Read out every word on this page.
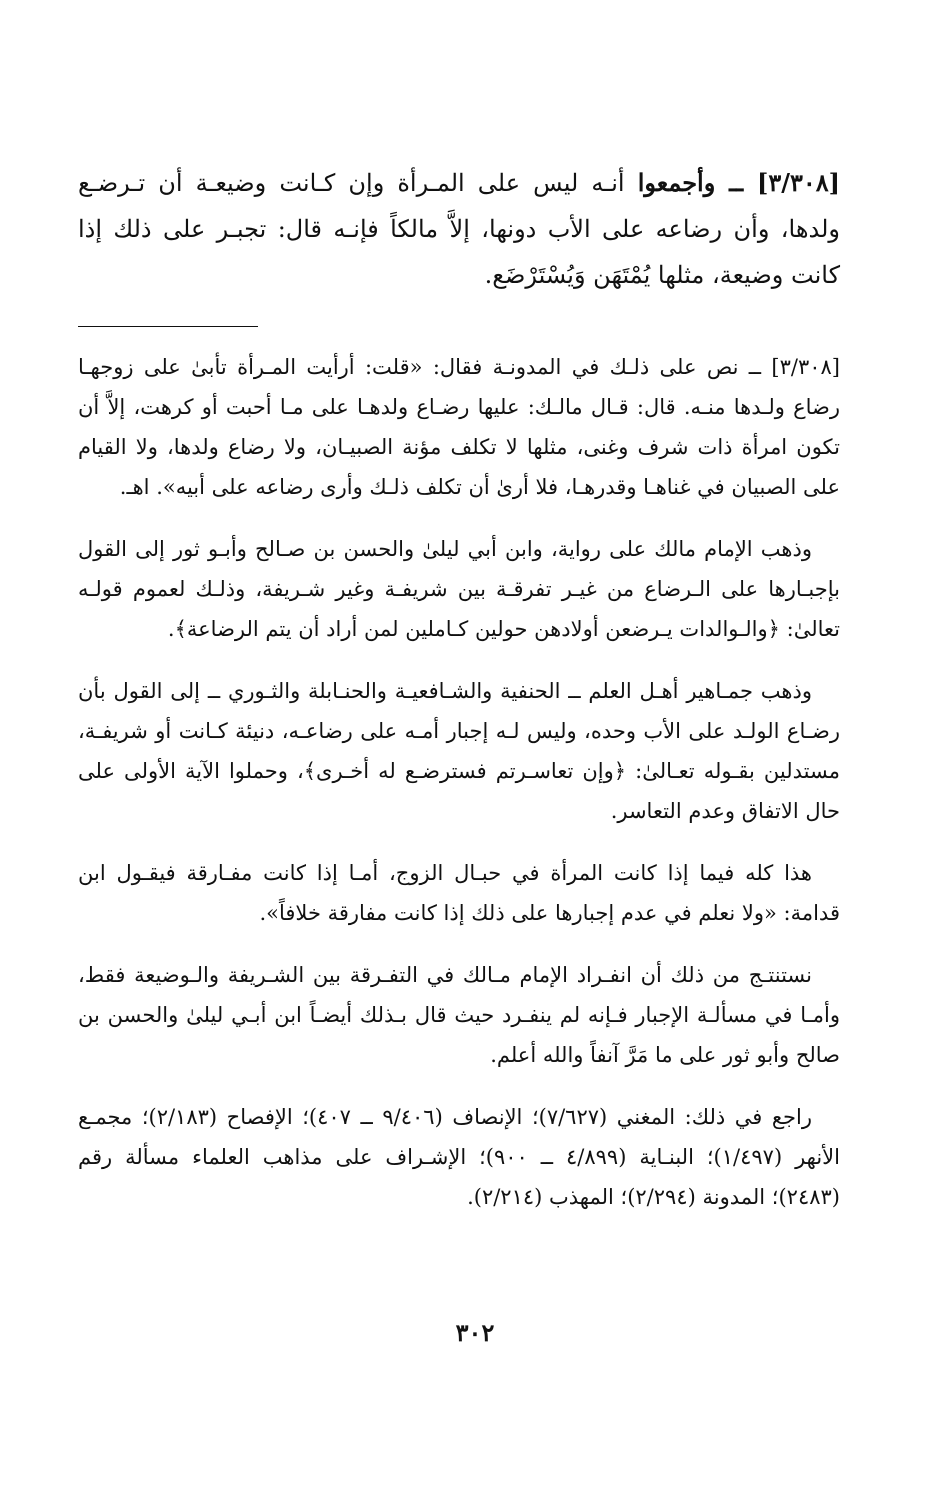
[٣/٣٠٨] ــ وأجمعوا أنـه ليس على المـرأة وإن كـانت وضيعـة أن تـرضـع ولدها، وأن رضاعه على الأب دونها، إلاَّ مالكاً فإنـه قال: تجبـر على ذلك إذا كانت وضيعة، مثلها يُمْتَهَن وَيُسْتَرْضَع.

[٣/٣٠٨] ــ نص على ذلـك في المدونـة فقال: «قلت: أرأيت المـرأة تأبىٰ على زوجهـا رضاع ولـدها منـه. قال: قـال مالـك: عليها رضـاع ولدهـا على مـا أحبت أو كرهت، إلاَّ أن تكون امرأة ذات شرف وغنى، مثلها لا تكلف مؤنة الصبيـان، ولا رضاع ولدها، ولا القيام على الصبيان في غناهـا وقدرهـا، فلا أرىٰ أن تكلف ذلـك وأرى رضاعه على أبيه». اهـ.

وذهب الإمام مالك على رواية، وابن أبي ليلىٰ والحسن بن صـالح وأبـو ثور إلى القول بإجبـارها على الـرضاع من غيـر تفرقـة بين شريفـة وغير شـريفة، وذلـك لعموم قولـه تعالىٰ: ﴿والـوالدات يـرضعن أولادهن حولين كـاملين لمن أراد أن يتم الرضاعة﴾.

وذهب جمـاهير أهـل العلم ــ الحنفية والشـافعيـة والحنـابلة والثـوري ــ إلى القول بأن رضـاع الولـد على الأب وحده، وليس لـه إجبار أمـه على رضاعـه، دنيئة كـانت أو شريفـة، مستدلين بقـوله تعـالىٰ: ﴿وإن تعاسـرتم فسترضـع له أخـرى﴾، وحملوا الآية الأولى على حال الاتفاق وعدم التعاسر.

هذا كله فيما إذا كانت المرأة في حبـال الزوج، أمـا إذا كانت مفـارقة فيقـول ابن قدامة: «ولا نعلم في عدم إجبارها على ذلك إذا كانت مفارقة خلافاً».

نستنتـج من ذلك أن انفـراد الإمام مـالك في التفـرقة بين الشـريفة والـوضيعة فقط، وأمـا في مسألـة الإجبار فـإنه لم ينفـرد حيث قال بـذلك أيضـاً ابن أبـي ليلىٰ والحسن بن صالح وأبو ثور على ما مَرَّ آنفاً والله أعلم.

راجع في ذلك: المغني (٧/٦٢٧)؛ الإنصاف (٩/٤٠٦ ــ ٤٠٧)؛ الإفصاح (٢/١٨٣)؛ مجمـع الأنهر (١/٤٩٧)؛ البنـاية (٤/٨٩٩ ــ ٩٠٠)؛ الإشـراف على مذاهب العلماء مسألة رقم (٢٤٨٣)؛ المدونة (٢/٢٩٤)؛ المهذب (٢/٢١٤).

٣٠٢
